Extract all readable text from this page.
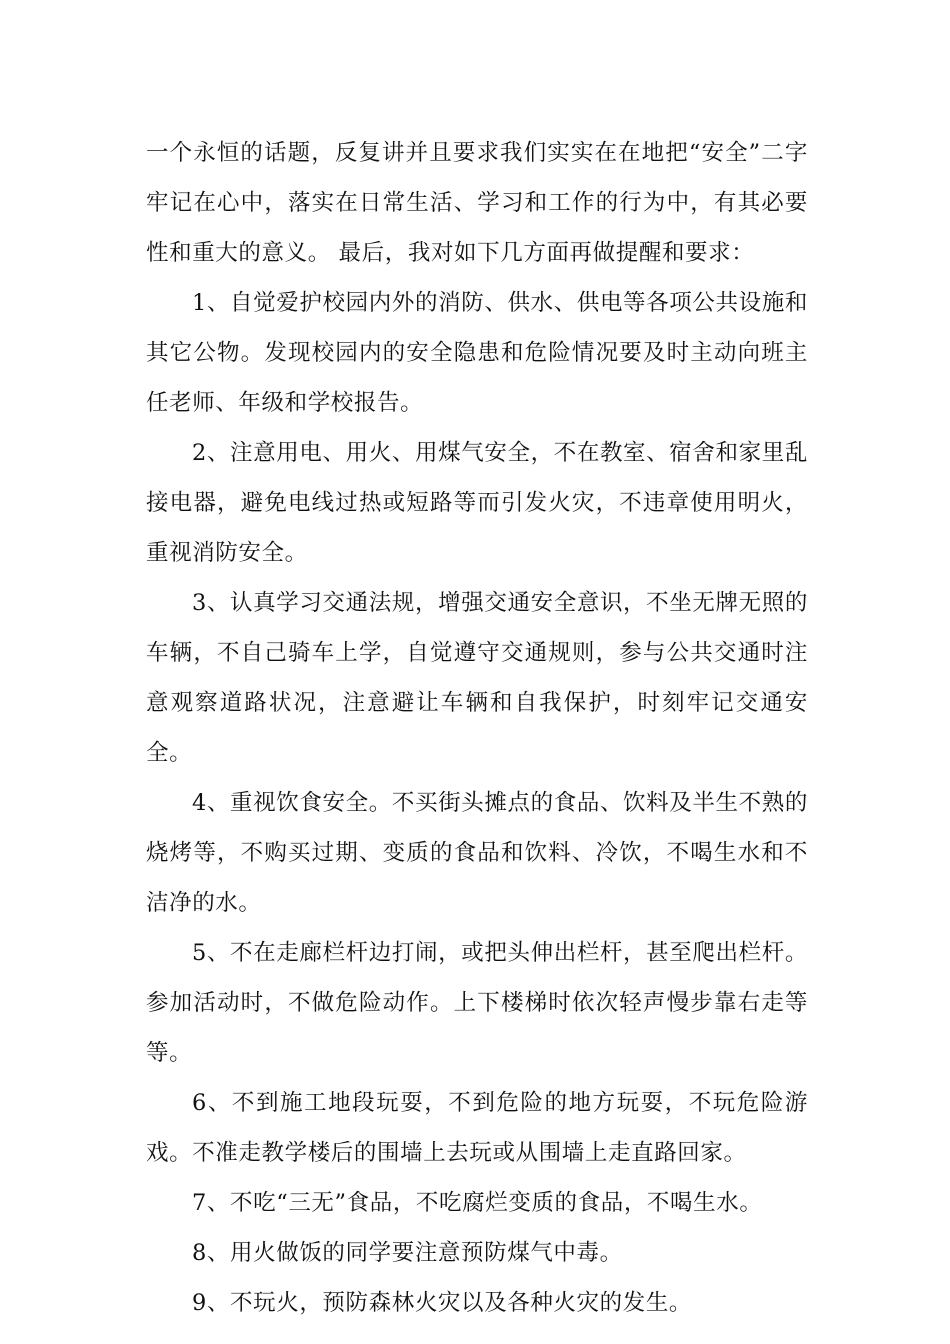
一个永恒的话题，反复讲并且要求我们实实在在地把“安全”二字牢记在心中，落实在日常生活、学习和工作的行为中，有其必要性和重大的意义。 最后，我对如下几方面再做提醒和要求：

1、自觉爱护校园内外的消防、供水、供电等各项公共设施和其它公物。发现校园内的安全隐患和危险情况要及时主动向班主任老师、年级和学校报告。

2、注意用电、用火、用煤气安全，不在教室、宿舍和家里乱接电器，避免电线过热或短路等而引发火灾，不违章使用明火，重视消防安全。

3、认真学习交通法规，增强交通安全意识，不坐无牌无照的车辆，不自己骑车上学，自觉遵守交通规则，参与公共交通时注意观察道路状况，注意避让车辆和自我保护，时刻牢记交通安全。

4、重视饮食安全。不买街头摊点的食品、饮料及半生不熟的烧烤等，不购买过期、变质的食品和饮料、冷饮，不喝生水和不洁净的水。

5、不在走廊栏杆边打闹，或把头伸出栏杆，甚至爬出栏杆。参加活动时，不做危险动作。上下楼梯时依次轻声慢步靠右走等等。

6、不到施工地段玩耍，不到危险的地方玩耍，不玩危险游戏。不准走教学楼后的围墙上去玩或从围墙上走直路回家。

7、不吃“三无”食品，不吃腐烂变质的食品，不喝生水。

8、用火做饭的同学要注意预防煤气中毒。

9、不玩火，预防森林火灾以及各种火灾的发生。
